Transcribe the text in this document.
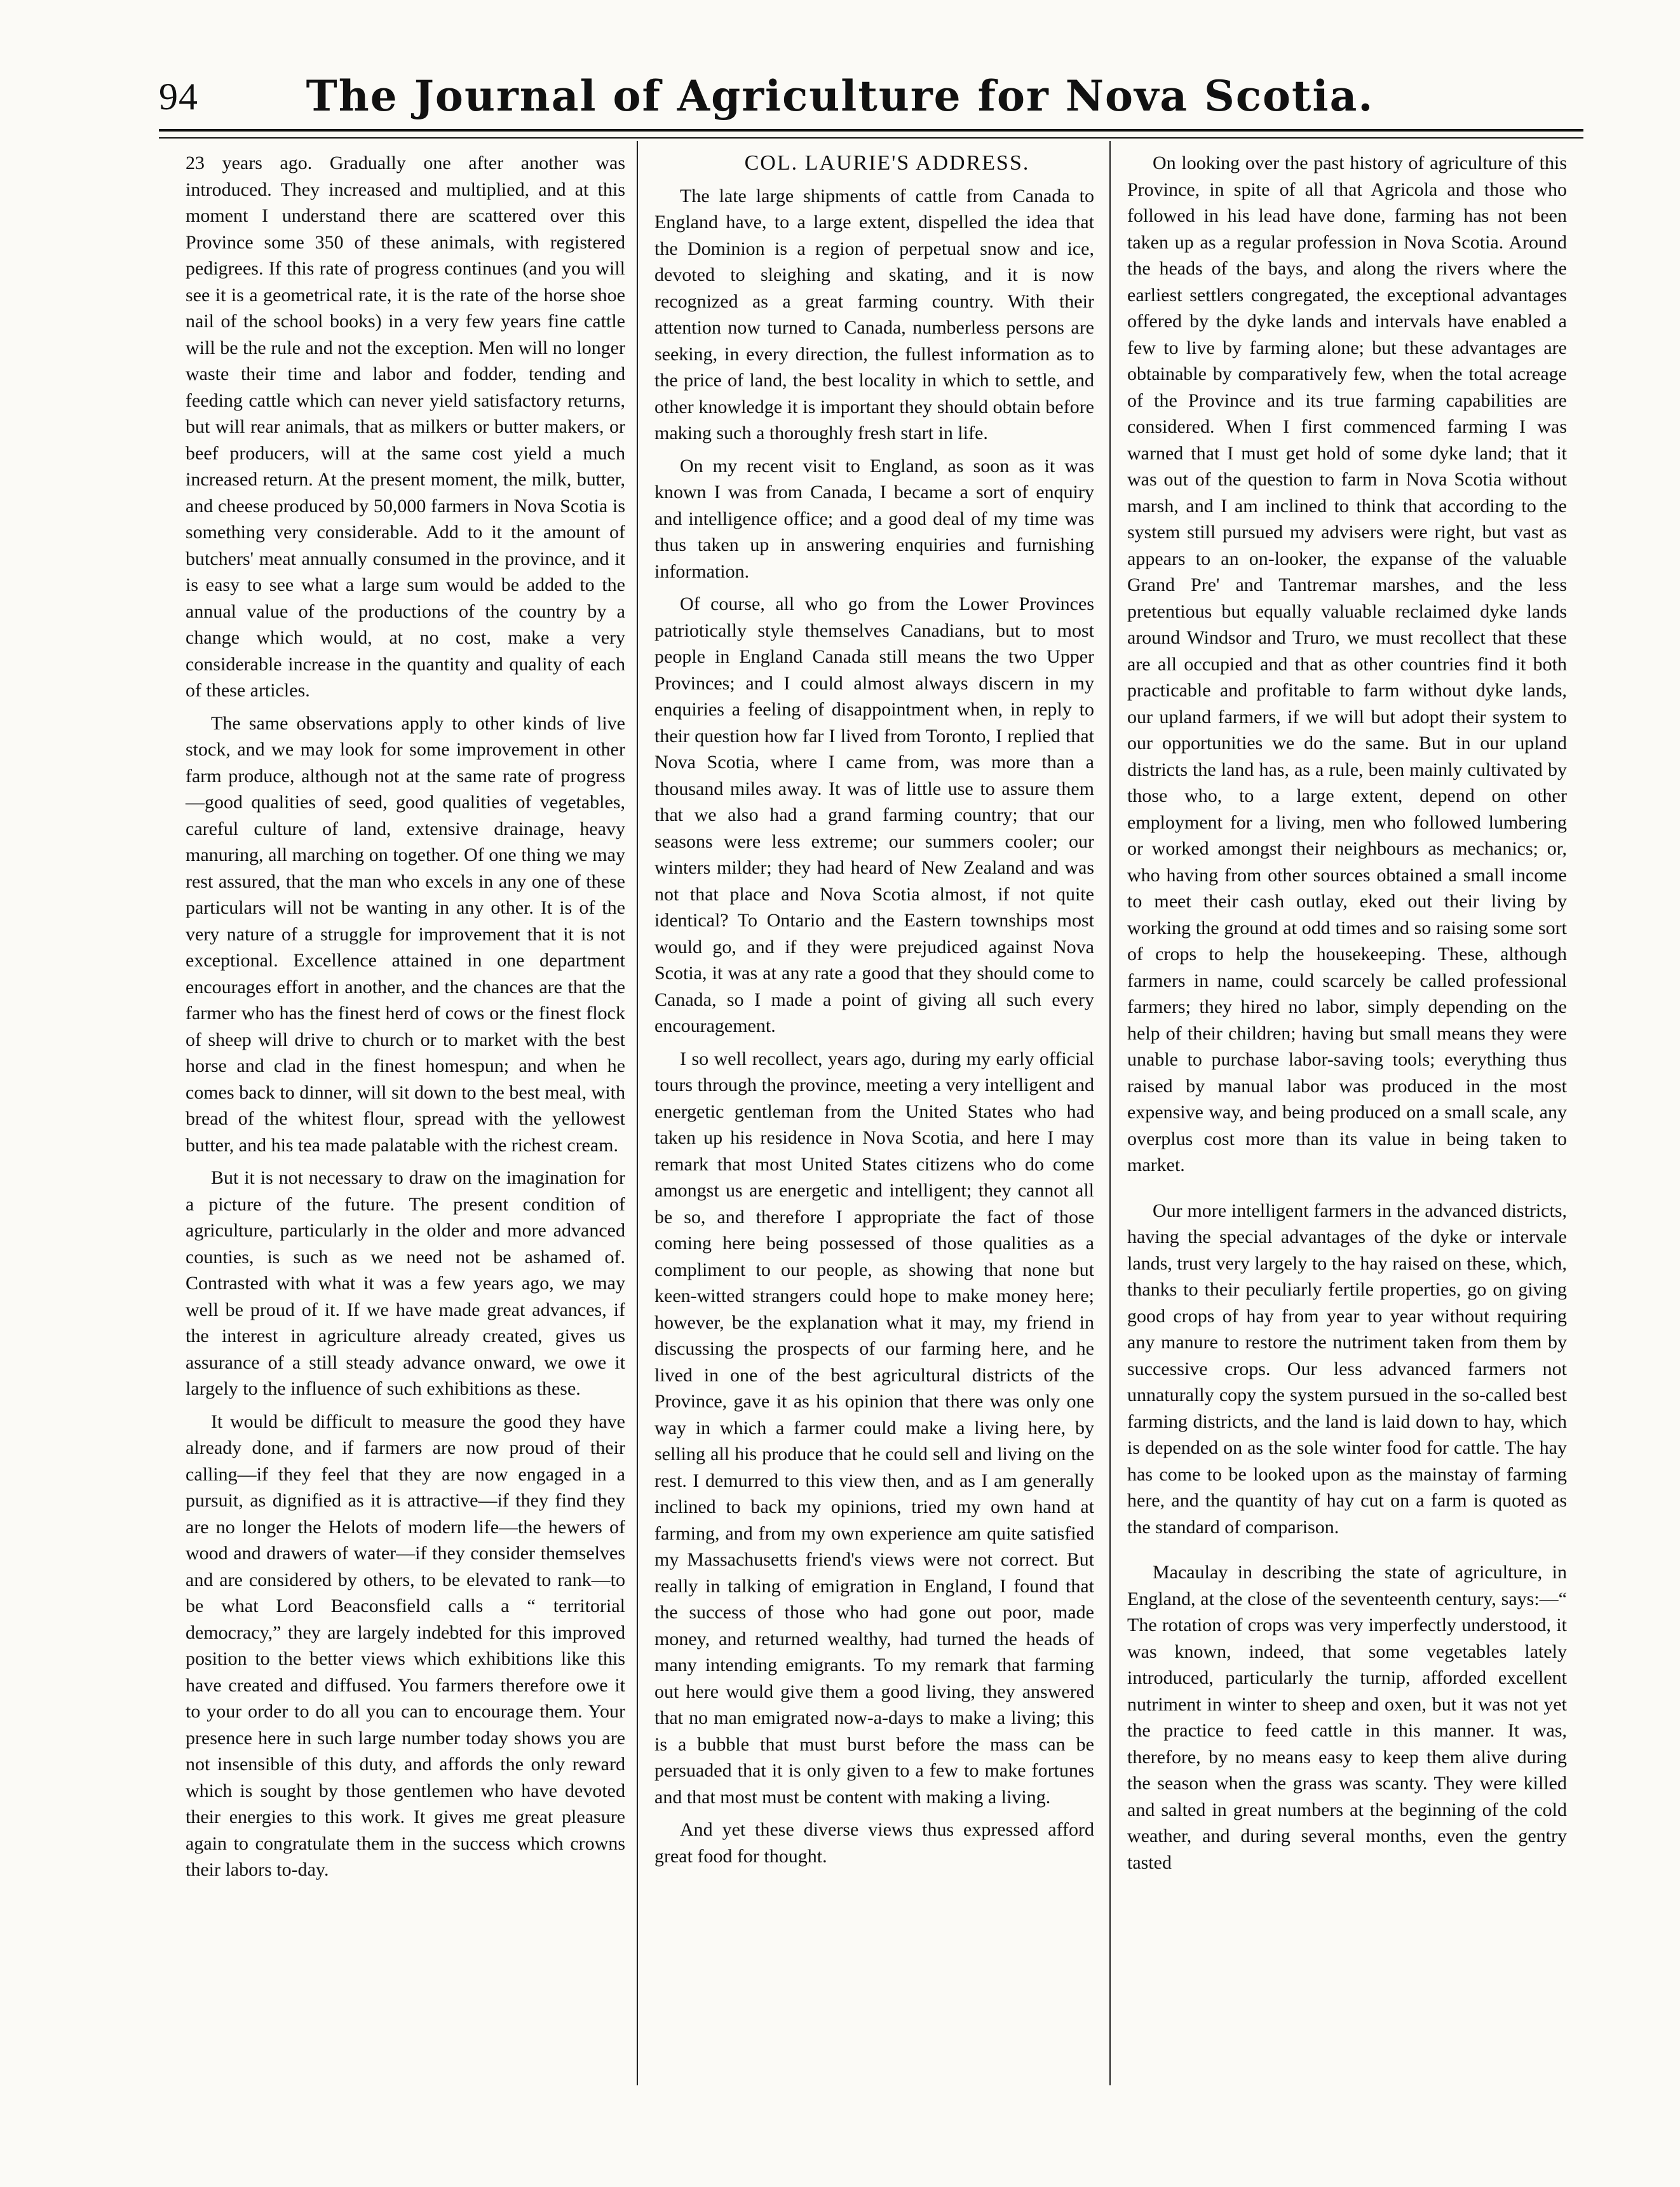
94	The Journal of Agriculture for Nova Scotia.

23 years ago. Gradually one after another was introduced. They increased and multiplied, and at this moment I understand there are scattered over this Province some 350 of these animals, with registered pedigrees. If this rate of progress continues (and you will see it is a geometrical rate, it is the rate of the horse shoe nail of the school books) in a very few years fine cattle will be the rule and not the exception. Men will no longer waste their time and labor and fodder, tending and feeding cattle which can never yield satisfactory returns, but will rear animals, that as milkers or butter makers, or beef producers, will at the same cost yield a much increased return. At the present moment, the milk, butter, and cheese produced by 50,000 farmers in Nova Scotia is something very considerable. Add to it the amount of butchers' meat annually consumed in the province, and it is easy to see what a large sum would be added to the annual value of the productions of the country by a change which would, at no cost, make a very considerable increase in the quantity and quality of each of these articles.

The same observations apply to other kinds of live stock, and we may look for some improvement in other farm produce, although not at the same rate of progress—good qualities of seed, good qualities of vegetables, careful culture of land, extensive drainage, heavy manuring, all marching on together. Of one thing we may rest assured, that the man who excels in any one of these particulars will not be wanting in any other. It is of the very nature of a struggle for improvement that it is not exceptional. Excellence attained in one department encourages effort in another, and the chances are that the farmer who has the finest herd of cows or the finest flock of sheep will drive to church or to market with the best horse and clad in the finest homespun; and when he comes back to dinner, will sit down to the best meal, with bread of the whitest flour, spread with the yellowest butter, and his tea made palatable with the richest cream.

But it is not necessary to draw on the imagination for a picture of the future. The present condition of agriculture, particularly in the older and more advanced counties, is such as we need not be ashamed of. Contrasted with what it was a few years ago, we may well be proud of it. If we have made great advances, if the interest in agriculture already created, gives us assurance of a still steady advance onward, we owe it largely to the influence of such exhibitions as these.

It would be difficult to measure the good they have already done, and if farmers are now proud of their calling—if they feel that they are now engaged in a pursuit, as dignified as it is attractive—if they find they are no longer the Helots of modern life—the hewers of wood and drawers of water—if they consider themselves and are considered by others, to be elevated to rank—to be what Lord Beaconsfield calls a “ territorial democracy,” they are largely indebted for this improved position to the better views which exhibitions like this have created and diffused. You farmers therefore owe it to your order to do all you can to encourage them. Your presence here in such large number today shows you are not insensible of this duty, and affords the only reward which is sought by those gentlemen who have devoted their energies to this work. It gives me great pleasure again to congratulate them in the success which crowns their labors to-day.

COL. LAURIE'S ADDRESS.

The late large shipments of cattle from Canada to England have, to a large extent, dispelled the idea that the Dominion is a region of perpetual snow and ice, devoted to sleighing and skating, and it is now recognized as a great farming country. With their attention now turned to Canada, numberless persons are seeking, in every direction, the fullest information as to the price of land, the best locality in which to settle, and other knowledge it is important they should obtain before making such a thoroughly fresh start in life.

On my recent visit to England, as soon as it was known I was from Canada, I became a sort of enquiry and intelligence office; and a good deal of my time was thus taken up in answering enquiries and furnishing information.

Of course, all who go from the Lower Provinces patriotically style themselves Canadians, but to most people in England Canada still means the two Upper Provinces; and I could almost always discern in my enquiries a feeling of disappointment when, in reply to their question how far I lived from Toronto, I replied that Nova Scotia, where I came from, was more than a thousand miles away. It was of little use to assure them that we also had a grand farming country; that our seasons were less extreme; our summers cooler; our winters milder; they had heard of New Zealand and was not that place and Nova Scotia almost, if not quite identical? To Ontario and the Eastern townships most would go, and if they were prejudiced against Nova Scotia, it was at any rate a good that they should come to Canada, so I made a point of giving all such every encouragement.

I so well recollect, years ago, during my early official tours through the province, meeting a very intelligent and energetic gentleman from the United States who had taken up his residence in Nova Scotia, and here I may remark that most United States citizens who do come amongst us are energetic and intelligent; they cannot all be so, and therefore I appropriate the fact of those coming here being possessed of those qualities as a compliment to our people, as showing that none but keen-witted strangers could hope to make money here; however, be the explanation what it may, my friend in discussing the prospects of our farming here, and he lived in one of the best agricultural districts of the Province, gave it as his opinion that there was only one way in which a farmer could make a living here, by selling all his produce that he could sell and living on the rest. I demurred to this view then, and as I am generally inclined to back my opinions, tried my own hand at farming, and from my own experience am quite satisfied my Massachusetts friend's views were not correct. But really in talking of emigration in England, I found that the success of those who had gone out poor, made money, and returned wealthy, had turned the heads of many intending emigrants. To my remark that farming out here would give them a good living, they answered that no man emigrated now-a-days to make a living; this is a bubble that must burst before the mass can be persuaded that it is only given to a few to make fortunes and that most must be content with making a living.

And yet these diverse views thus expressed afford great food for thought.

On looking over the past history of agriculture of this Province, in spite of all that Agricola and those who followed in his lead have done, farming has not been taken up as a regular profession in Nova Scotia. Around the heads of the bays, and along the rivers where the earliest settlers congregated, the exceptional advantages offered by the dyke lands and intervals have enabled a few to live by farming alone; but these advantages are obtainable by comparatively few, when the total acreage of the Province and its true farming capabilities are considered. When I first commenced farming I was warned that I must get hold of some dyke land; that it was out of the question to farm in Nova Scotia without marsh, and I am inclined to think that according to the system still pursued my advisers were right, but vast as appears to an on-looker, the expanse of the valuable Grand Pre' and Tantremar marshes, and the less pretentious but equally valuable reclaimed dyke lands around Windsor and Truro, we must recollect that these are all occupied and that as other countries find it both practicable and profitable to farm without dyke lands, our upland farmers, if we will but adopt their system to our opportunities we do the same. But in our upland districts the land has, as a rule, been mainly cultivated by those who, to a large extent, depend on other employment for a living, men who followed lumbering or worked amongst their neighbours as mechanics; or, who having from other sources obtained a small income to meet their cash outlay, eked out their living by working the ground at odd times and so raising some sort of crops to help the housekeeping. These, although farmers in name, could scarcely be called professional farmers; they hired no labor, simply depending on the help of their children; having but small means they were unable to purchase labor-saving tools; everything thus raised by manual labor was produced in the most expensive way, and being produced on a small scale, any overplus cost more than its value in being taken to market.

Our more intelligent farmers in the advanced districts, having the special advantages of the dyke or intervale lands, trust very largely to the hay raised on these, which, thanks to their peculiarly fertile properties, go on giving good crops of hay from year to year without requiring any manure to restore the nutriment taken from them by successive crops. Our less advanced farmers not unnaturally copy the system pursued in the so-called best farming districts, and the land is laid down to hay, which is depended on as the sole winter food for cattle. The hay has come to be looked upon as the mainstay of farming here, and the quantity of hay cut on a farm is quoted as the standard of comparison.

Macaulay in describing the state of agriculture, in England, at the close of the seventeenth century, says:—“ The rotation of crops was very imperfectly understood, it was known, indeed, that some vegetables lately introduced, particularly the turnip, afforded excellent nutriment in winter to sheep and oxen, but it was not yet the practice to feed cattle in this manner. It was, therefore, by no means easy to keep them alive during the season when the grass was scanty. They were killed and salted in great numbers at the beginning of the cold weather, and during several months, even the gentry tasted
